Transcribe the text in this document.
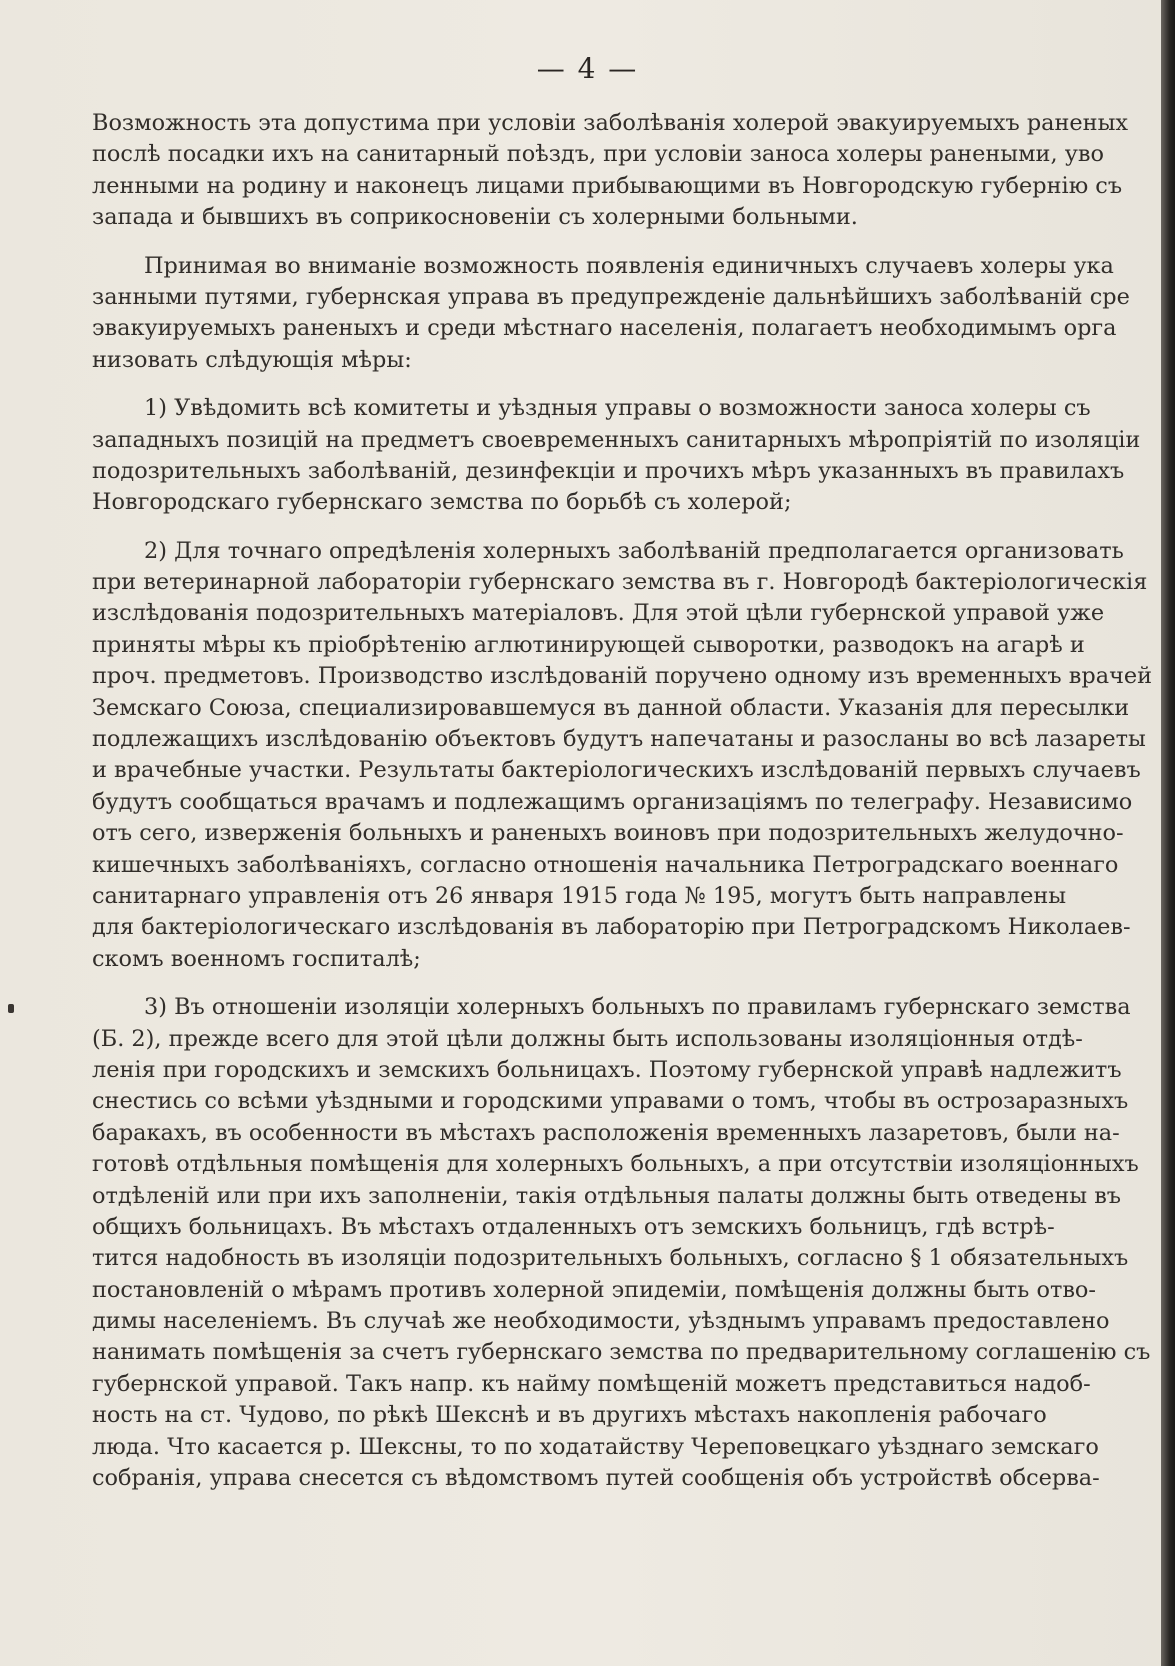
— 4 —
Возможность эта допустима при условіи заболѣванія холерой эвакуируемыхъ раненых
послѣ посадки ихъ на санитарный поѣздъ, при условіи заноса холеры ранеными, уво
ленными на родину и наконецъ лицами прибывающими въ Новгородскую губернію съ
запада и бывшихъ въ соприкосновеніи съ холерными больными.
Принимая во вниманіе возможность появленія единичныхъ случаевъ холеры ука
занными путями, губернская управа въ предупрежденіе дальнѣйшихъ заболѣваній сре
эвакуируемыхъ раненыхъ и среди мѣстнаго населенія, полагаетъ необходимымъ орга
низовать слѣдующія мѣры:
1) Увѣдомить всѣ комитеты и уѣздныя управы о возможности заноса холеры съ
западныхъ позицій на предметъ своевременныхъ санитарныхъ мѣропріятій по изоляціи
подозрительныхъ заболѣваній, дезинфекціи и прочихъ мѣръ указанныхъ въ правилахъ
Новгородскаго губернскаго земства по борьбѣ съ холерой;
2) Для точнаго опредѣленія холерныхъ заболѣваній предполагается организовать
при ветеринарной лабораторіи губернскаго земства въ г. Новгородѣ бактеріологическія
изслѣдованія подозрительныхъ матеріаловъ. Для этой цѣли губернской управой уже
приняты мѣры къ пріобрѣтенію аглютинирующей сыворотки, разводокъ на агарѣ и
проч. предметовъ. Производство изслѣдованій поручено одному изъ временныхъ врачей
Земскаго Союза, специализировавшемуся въ данной области. Указанія для пересылки
подлежащихъ изслѣдованію объектовъ будутъ напечатаны и разосланы во всѣ лазареты
и врачебные участки. Результаты бактеріологическихъ изслѣдованій первыхъ случаевъ
будутъ сообщаться врачамъ и подлежащимъ организаціямъ по телеграфу. Независимо
отъ сего, изверженія больныхъ и раненыхъ воиновъ при подозрительныхъ желудочно-
кишечныхъ заболѣваніяхъ, согласно отношенія начальника Петроградскаго военнаго
санитарнаго управленія отъ 26 января 1915 года № 195, могутъ быть направлены
для бактеріологическаго изслѣдованія въ лабораторію при Петроградскомъ Николаев-
скомъ военномъ госпиталѣ;
3) Въ отношеніи изоляціи холерныхъ больныхъ по правиламъ губернскаго земства
(Б. 2), прежде всего для этой цѣли должны быть использованы изоляціонныя отдѣ-
ленія при городскихъ и земскихъ больницахъ. Поэтому губернской управѣ надлежитъ
снестись со всѣми уѣздными и городскими управами о томъ, чтобы въ острозаразныхъ
баракахъ, въ особенности въ мѣстахъ расположенія временныхъ лазаретовъ, были на-
готовѣ отдѣльныя помѣщенія для холерныхъ больныхъ, а при отсутствіи изоляціонныхъ
отдѣленій или при ихъ заполненіи, такія отдѣльныя палаты должны быть отведены въ
общихъ больницахъ. Въ мѣстахъ отдаленныхъ отъ земскихъ больницъ, гдѣ встрѣ-
тится надобность въ изоляціи подозрительныхъ больныхъ, согласно § 1 обязательныхъ
постановленій о мѣрамъ противъ холерной эпидеміи, помѣщенія должны быть отво-
димы населеніемъ. Въ случаѣ же необходимости, уѣзднымъ управамъ предоставлено
нанимать помѣщенія за счетъ губернскаго земства по предварительному соглашенію съ
губернской управой. Такъ напр. къ найму помѣщеній можетъ представиться надоб-
ность на ст. Чудово, по рѣкѣ Шекснѣ и въ другихъ мѣстахъ накопленія рабочаго
люда. Что касается р. Шексны, то по ходатайству Череповецкаго уѣзднаго земскаго
собранія, управа снесется съ вѣдомствомъ путей сообщенія объ устройствѣ обсерва-
